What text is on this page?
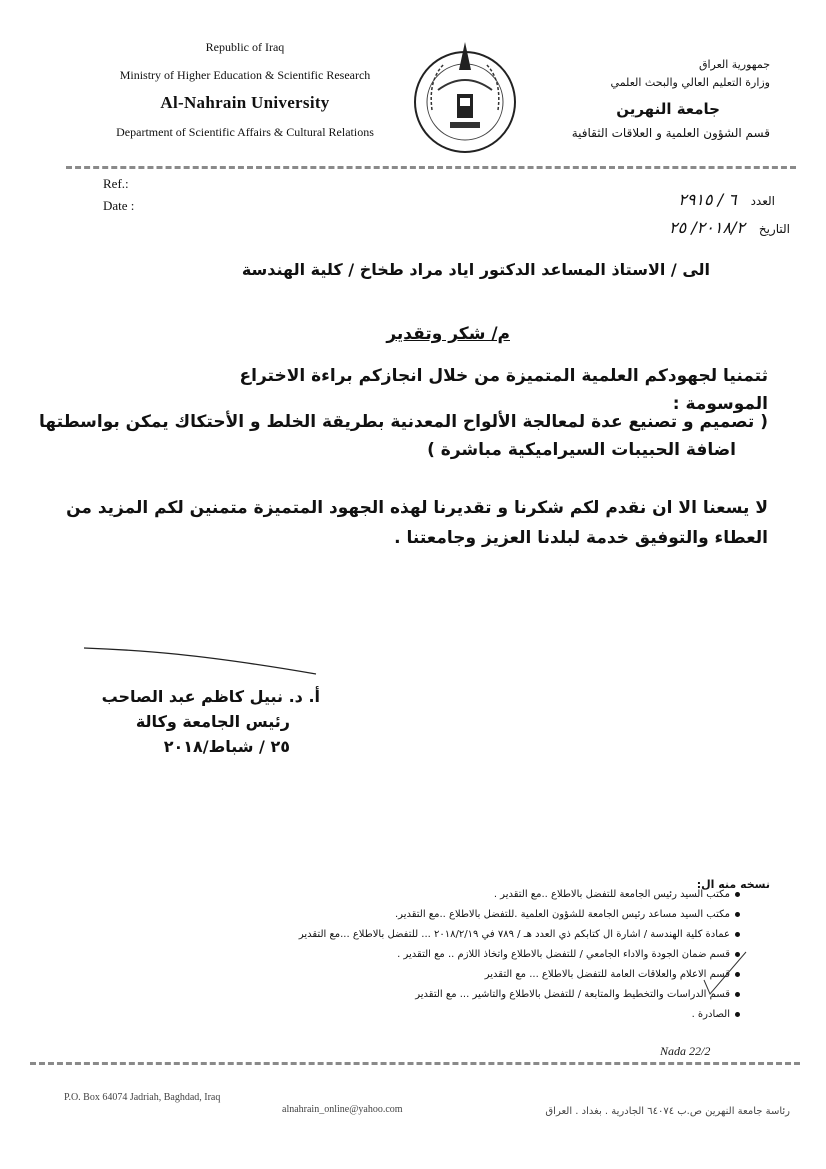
Republic of Iraq
Ministry of Higher Education & Scientific Research
Al-Nahrain University
Department of Scientific Affairs & Cultural Relations
جمهورية العراق
وزارة التعليم العالي والبحث العلمي
جامعة النهرين
قسم الشؤون العلمية و العلاقات الثقافية
Ref.:
Date :	العدد ٦ / ٢٩١٥
التاريخ ٢٠١٨/٢/ ٢٥
الى / الاستاذ المساعد الدكتور اياد مراد طخاخ / كلية الهندسة
م/ شكر وتقدير
ثتمنيا لجهودكم العلمية المتميزة من خلال انجازكم براءة الاختراع الموسومة :
( تصميم و تصنيع عدة لمعالجة الألواح المعدنية بطريقة الخلط و الأحتكاك يمكن بواسطتها
اضافة الحبيبات السيراميكية مباشرة )
لا يسعنا الا ان نقدم لكم شكرنا و تقديرنا لهذه الجهود المتميزة متمنين لكم المزيد من
العطاء والتوفيق خدمة لبلدنا العزيز وجامعتنا .
أ. د. نبيل كاظم عبد الصاحب
رئيس الجامعة وكالة
٢٥ / شباط/٢٠١٨
نسخه منه ال:
مكتب السيد رئيس الجامعة للتفضل بالاطلاع ..مع التقدير .
مكتب السيد مساعد رئيس الجامعة للشؤون العلمية .للتفضل بالاطلاع ..مع التقدير.
عمادة كلية الهندسة / اشارة ال كتابكم ذي العدد هـ / ٧٨٩ في ٢٠١٨/٢/١٩ ... للتفضل بالاطلاع ...مع التقدير
قسم ضمان الجودة والاداء الجامعي / للتفضل بالاطلاع واتخاذ اللازم .. مع التقدير .
قسم الاعلام والعلاقات العامة للتفضل بالاطلاع ... مع التقدير
قسم الدراسات والتخطيط والمتابعة / للتفضل بالاطلاع والتاشير ... مع التقدير
الصادرة .
Nada 22/2
P.O. Box 64074 Jadriah, Baghdad, Iraq
alnahrain_online@yahoo.com	رئاسة جامعة النهرين ص.ب ٦٤٠٧٤ الجادرية . بغداد . العراق
